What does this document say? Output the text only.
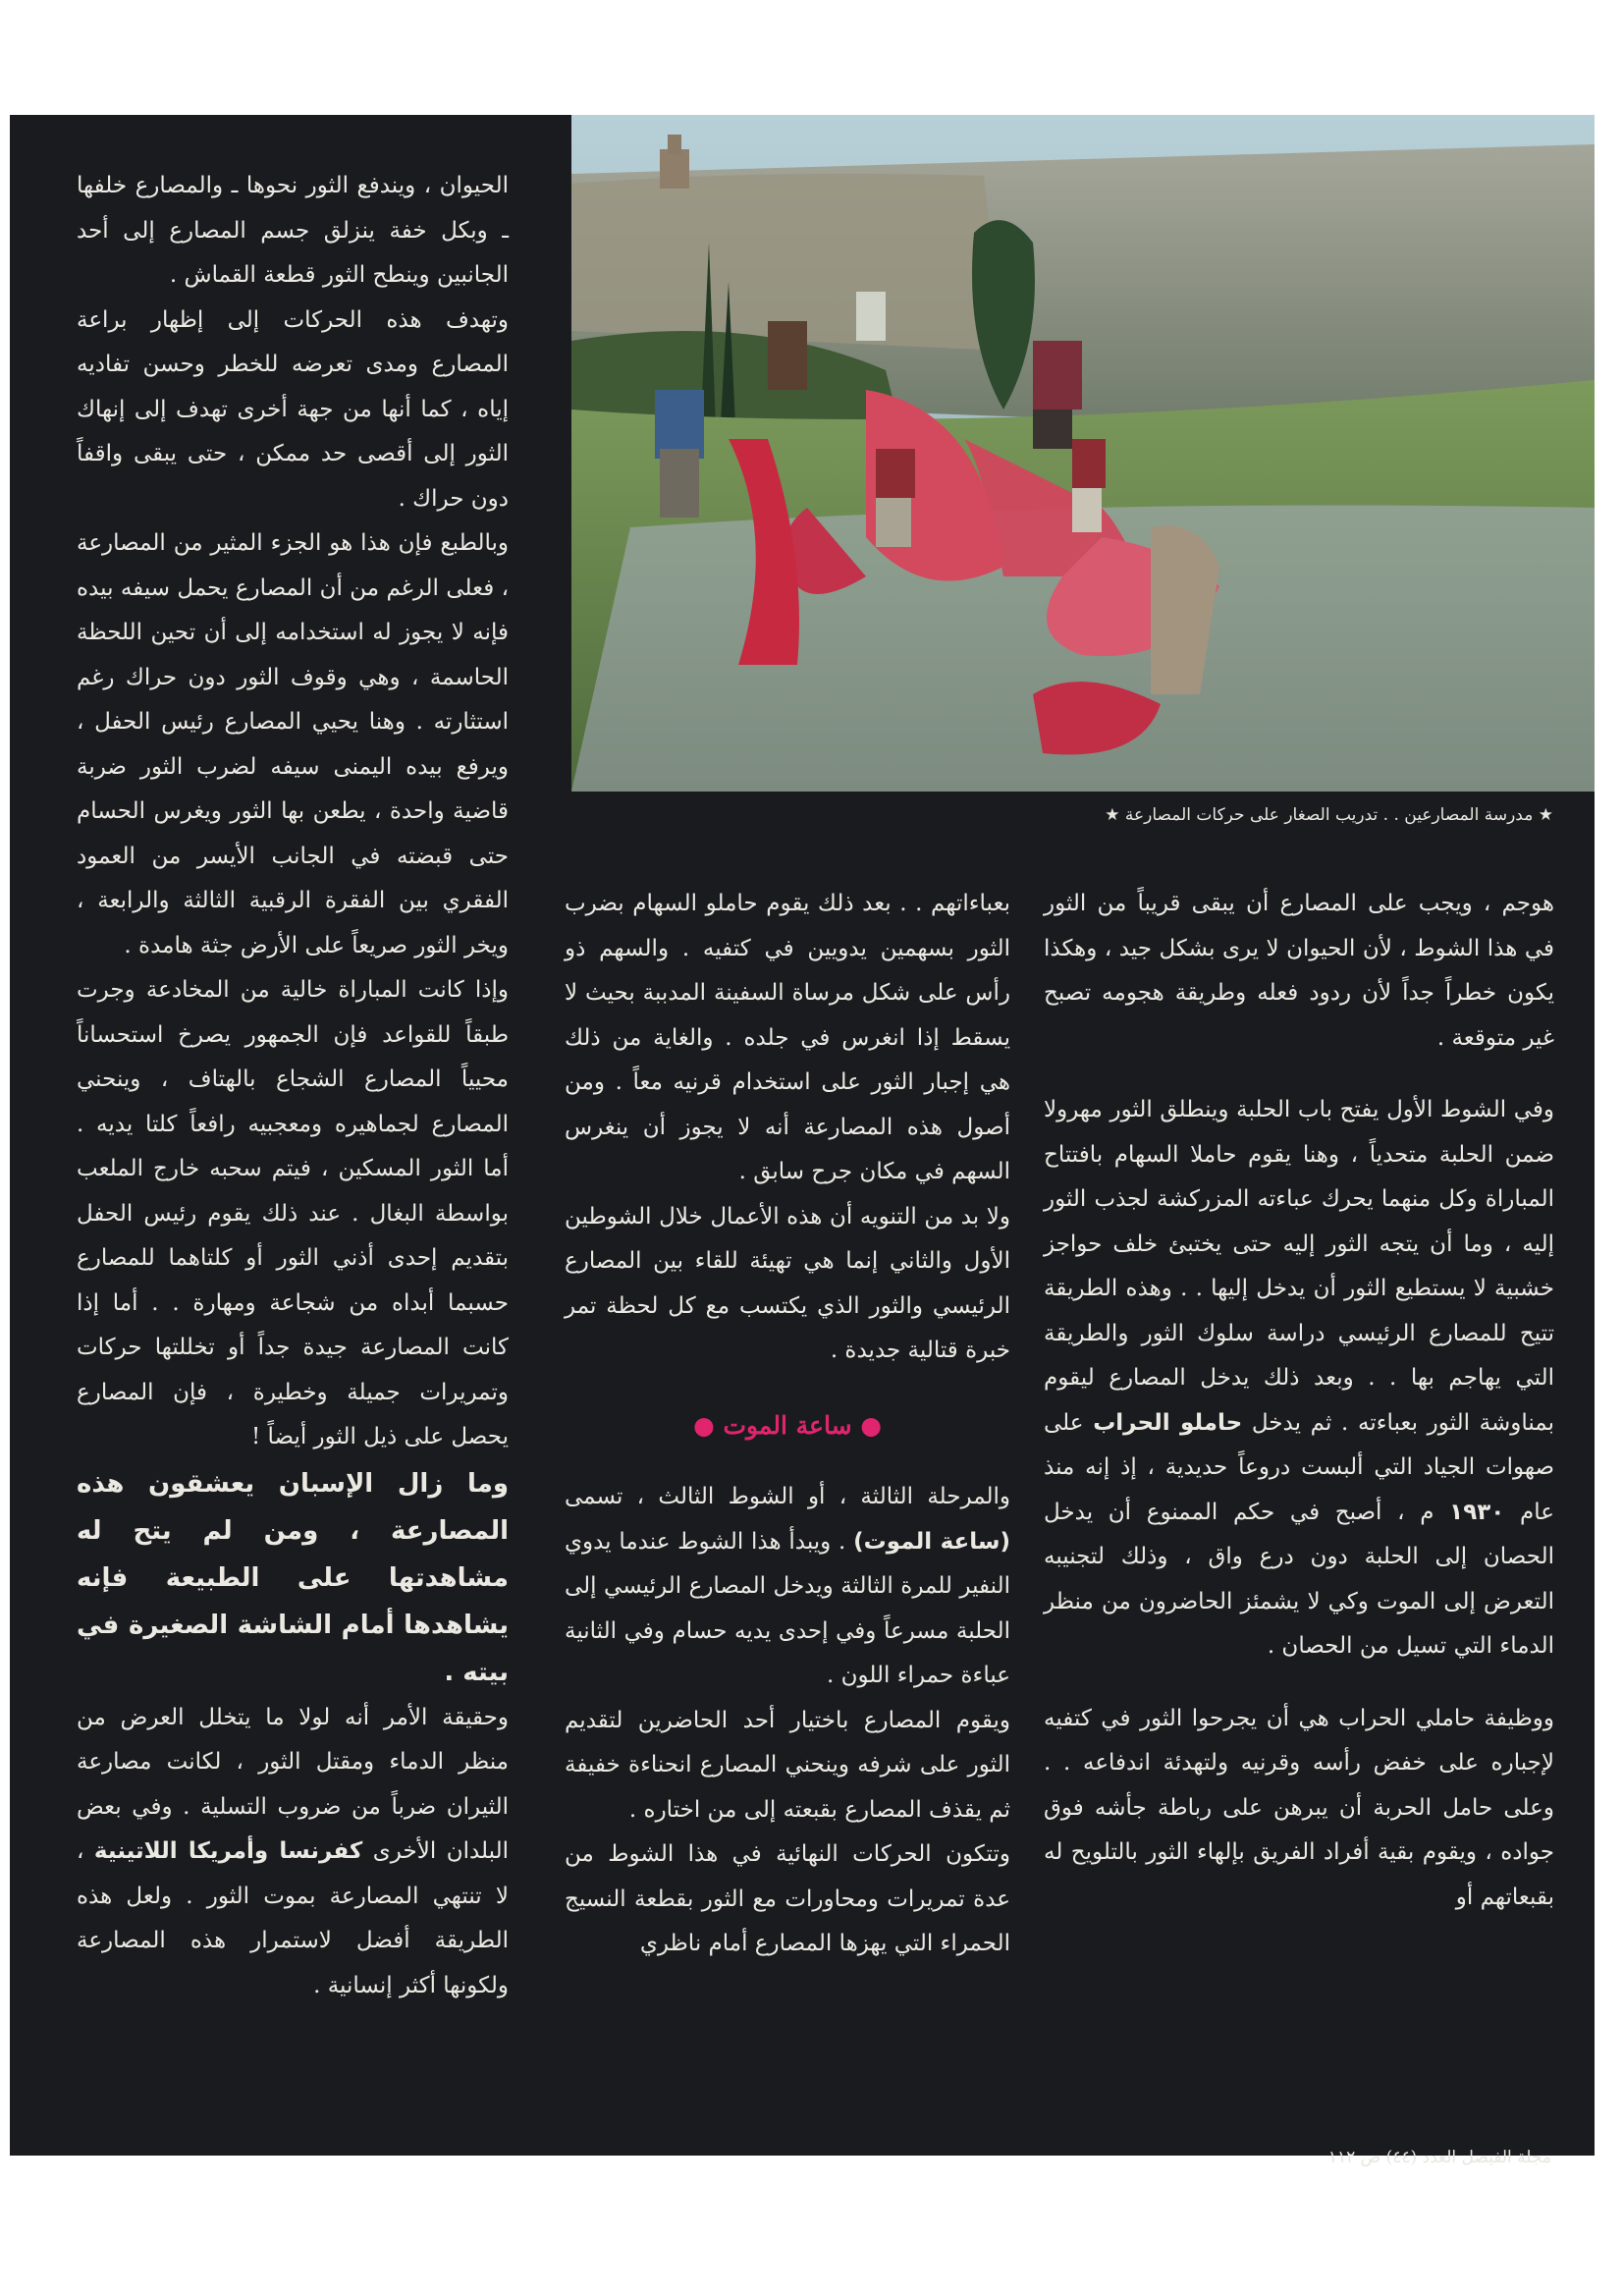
★ مدرسة المصارعين . . تدريب الصغار على حركات المصارعة ★

هوجم ، ويجب على المصارع أن يبقى قريباً من الثور في هذا الشوط ، لأن الحيوان لا يرى بشكل جيد ، وهكذا يكون خطراً جداً لأن ردود فعله وطريقة هجومه تصبح غير متوقعة .

وفي الشوط الأول يفتح باب الحلبة وينطلق الثور مهرولا ضمن الحلبة متحدياً ، وهنا يقوم حاملا السهام بافتتاح المباراة وكل منهما يحرك عباءته المزركشة لجذب الثور إليه ، وما أن يتجه الثور إليه حتى يختبئ خلف حواجز خشبية لا يستطيع الثور أن يدخل إليها . . وهذه الطريقة تتيح للمصارع الرئيسي دراسة سلوك الثور والطريقة التي يهاجم بها . . وبعد ذلك يدخل المصارع ليقوم بمناوشة الثور بعباءته . ثم يدخل حاملو الحراب على صهوات الجياد التي ألبست دروعاً حديدية ، إذ إنه منذ عام ١٩٣٠ م ، أصبح في حكم الممنوع أن يدخل الحصان إلى الحلبة دون درع واق ، وذلك لتجنيبه التعرض إلى الموت وكي لا يشمئز الحاضرون من منظر الدماء التي تسيل من الحصان .

ووظيفة حاملي الحراب هي أن يجرحوا الثور في كتفيه لإجباره على خفض رأسه وقرنيه ولتهدئة اندفاعه . . وعلى حامل الحربة أن يبرهن على رباطة جأشه فوق جواده ، ويقوم بقية أفراد الفريق بإلهاء الثور بالتلويح له بقبعاتهم أو

بعباءاتهم . . بعد ذلك يقوم حاملو السهام بضرب الثور بسهمين يدويين في كتفيه . والسهم ذو رأس على شكل مرساة السفينة المدببة بحيث لا يسقط إذا انغرس في جلده . والغاية من ذلك هي إجبار الثور على استخدام قرنيه معاً . ومن أصول هذه المصارعة أنه لا يجوز أن ينغرس السهم في مكان جرح سابق .

ولا بد من التنويه أن هذه الأعمال خلال الشوطين الأول والثاني إنما هي تهيئة للقاء بين المصارع الرئيسي والثور الذي يكتسب مع كل لحظة تمر خبرة قتالية جديدة .

● ساعة الموت ●

والمرحلة الثالثة ، أو الشوط الثالث ، تسمى (ساعة الموت) . ويبدأ هذا الشوط عندما يدوي النفير للمرة الثالثة ويدخل المصارع الرئيسي إلى الحلبة مسرعاً وفي إحدى يديه حسام وفي الثانية عباءة حمراء اللون .

ويقوم المصارع باختيار أحد الحاضرين لتقديم الثور على شرفه وينحني المصارع انحناءة خفيفة ثم يقذف المصارع بقبعته إلى من اختاره .

وتتكون الحركات النهائية في هذا الشوط من عدة تمريرات ومحاورات مع الثور بقطعة النسيج الحمراء التي يهزها المصارع أمام ناظري

الحيوان ، ويندفع الثور نحوها ـ والمصارع خلفها ـ وبكل خفة ينزلق جسم المصارع إلى أحد الجانبين وينطح الثور قطعة القماش .

وتهدف هذه الحركات إلى إظهار براعة المصارع ومدى تعرضه للخطر وحسن تفاديه إياه ، كما أنها من جهة أخرى تهدف إلى إنهاك الثور إلى أقصى حد ممكن ، حتى يبقى واقفاً دون حراك .

وبالطبع فإن هذا هو الجزء المثير من المصارعة ، فعلى الرغم من أن المصارع يحمل سيفه بيده فإنه لا يجوز له استخدامه إلى أن تحين اللحظة الحاسمة ، وهي وقوف الثور دون حراك رغم استثارته . وهنا يحيي المصارع رئيس الحفل ، ويرفع بيده اليمنى سيفه لضرب الثور ضربة قاضية واحدة ، يطعن بها الثور ويغرس الحسام حتى قبضته في الجانب الأيسر من العمود الفقري بين الفقرة الرقبية الثالثة والرابعة ، ويخر الثور صريعاً على الأرض جثة هامدة .

وإذا كانت المباراة خالية من المخادعة وجرت طبقاً للقواعد فإن الجمهور يصرخ استحساناً محيياً المصارع الشجاع بالهتاف ، وينحني المصارع لجماهيره ومعجبيه رافعاً كلتا يديه . أما الثور المسكين ، فيتم سحبه خارج الملعب بواسطة البغال . عند ذلك يقوم رئيس الحفل بتقديم إحدى أذني الثور أو كلتاهما للمصارع حسبما أبداه من شجاعة ومهارة . . أما إذا كانت المصارعة جيدة جداً أو تخللتها حركات وتمريرات جميلة وخطيرة ، فإن المصارع يحصل على ذيل الثور أيضاً !

وما زال الإسبان يعشقون هذه المصارعة ، ومن لم يتح له مشاهدتها على الطبيعة فإنه يشاهدها أمام الشاشة الصغيرة في بيته .

وحقيقة الأمر أنه لولا ما يتخلل العرض من منظر الدماء ومقتل الثور ، لكانت مصارعة الثيران ضرباً من ضروب التسلية . وفي بعض البلدان الأخرى كفرنسا وأمريكا اللاتينية ، لا تنتهي المصارعة بموت الثور . ولعل هذه الطريقة أفضل لاستمرار هذه المصارعة ولكونها أكثر إنسانية .

مجلة الفيصل العدد (٤٤) ص ١١٢
